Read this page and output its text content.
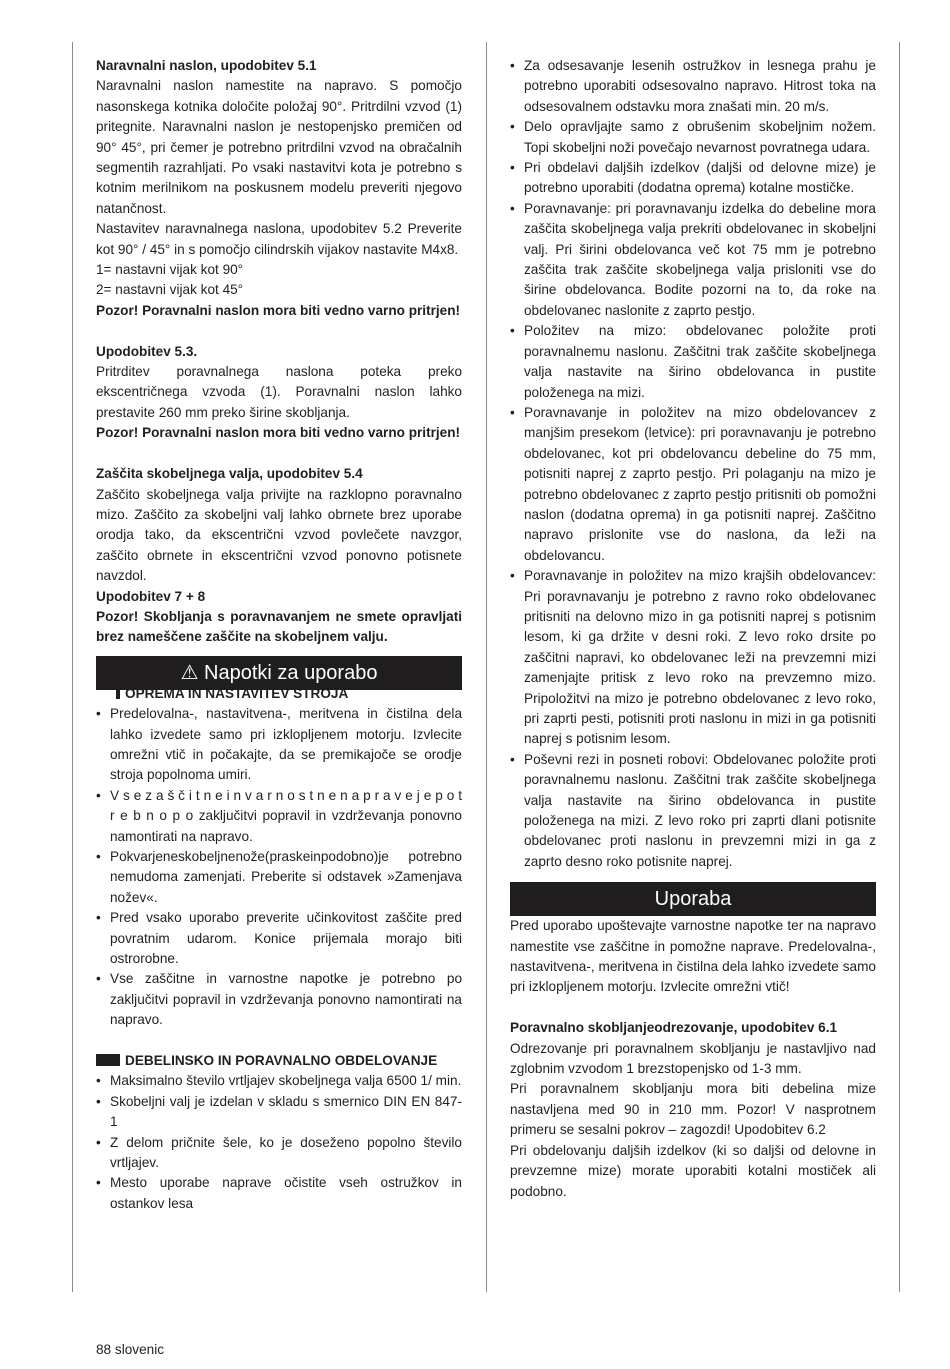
Naravnalni naslon, upodobitev 5.1

Naravnalni naslon namestite na napravo. S pomočjo nasonskega kotnika določite položaj 90°. Pritrdilni vzvod (1) pritegnite. Naravnalni naslon je nestopenjsko premičen od 90° 45°, pri čemer je potrebno pritrdilni vzvod na obračalnih segmentih razrahljati. Po vsaki nastavitvi kota je potrebno s kotnim merilnikom na poskusnem modelu preveriti njegovo natančnost.

Nastavitev naravnalnega naslona, upodobitev 5.2 Preverite kot 90° / 45° in s pomočjo cilindrskih vijakov nastavite M4x8.

1= nastavni vijak kot 90°

2= nastavni vijak kot 45°

Pozor! Poravnalni naslon mora biti vedno varno pritrjen!

Upodobitev 5.3.

Pritrditev poravnalnega naslona poteka preko ekscentričnega vzvoda (1). Poravnalni naslon lahko prestavite 260 mm preko širine skobljanja.

Pozor! Poravnalni naslon mora biti vedno varno pritrjen!

Zaščita skobeljnega valja, upodobitev 5.4

Zaščito skobeljnega valja privijte na razklopno poravnalno mizo. Zaščito za skobeljni valj lahko obrnete brez uporabe orodja tako, da ekscentrični vzvod povlečete navzgor, zaščito obrnete in ekscentrični vzvod ponovno potisnete navzdol.

Upodobitev 7 + 8

Pozor! Skobljanja s poravnavanjem ne smete opravljati brez nameščene zaščite na skobeljnem valju.

⚠ Napotki za uporabo

OPREMA IN NASTAVITEV STROJA

• Predelovalna-, nastavitvena-, meritvena in čistilna dela lahko izvedete samo pri izklopljenem motorju. Izvlecite omrežni vtič in počakajte, da se premikajoče se orodje stroja popolnoma umiri.
• V s e z a š č i t n e i n v a r n o s t n e n a p r a v e j e p o t r e b n o p o zaključitvi popravil in vzdrževanja ponovno namontirati na napravo.
• Pokvarjeneskobeljnenože(praskeinpodobno)je potrebno nemudoma zamenjati. Preberite si odstavek »Zamenjava nožev«.
• Pred vsako uporabo preverite učinkovitost zaščite pred povratnim udarom. Konice prijemala morajo biti ostrorobne.
• Vse zaščitne in varnostne napotke je potrebno po zaključitvi popravil in vzdrževanja ponovno namontirati na napravo.

DEBELINSKO IN PORAVNALNO OBDELOVANJE

• Maksimalno število vrtljajev skobeljnega valja 6500 1/ min.
• Skobeljni valj je izdelan v skladu s smernico DIN EN 847-1
• Z delom pričnite šele, ko je doseženo popolno število vrtljajev.
• Mesto uporabe naprave očistite vseh ostružkov in ostankov lesa
• Za odsesavanje lesenih ostružkov in lesnega prahu je potrebno uporabiti odsesovalno napravo. Hitrost toka na odsesovalnem odstavku mora znašati min. 20 m/s.
• Delo opravljajte samo z obrušenim skobeljnim nožem. Topi skobeljni noži povečajo nevarnost povratnega udara.
• Pri obdelavi daljših izdelkov (daljši od delovne mize) je potrebno uporabiti (dodatna oprema) kotalne mostičke.
• Poravnavanje: pri poravnavanju izdelka do debeline mora zaščita skobeljnega valja prekriti obdelovanec in skobeljni valj. Pri širini obdelovanca več kot 75 mm je potrebno zaščita trak zaščite skobeljnega valja prisloniti vse do širine obdelovanca. Bodite pozorni na to, da roke na obdelovanec naslonite z zaprto pestjo.
• Položitev na mizo: obdelovanec položite proti poravnalnemu naslonu. Zaščitni trak zaščite skobeljnega valja nastavite na širino obdelovanca in pustite položenega na mizi.
• Poravnavanje in položitev na mizo obdelovancev z manjšim presekom (letvice): pri poravnavanju je potrebno obdelovanec, kot pri obdelovancu debeline do 75 mm, potisniti naprej z zaprto pestjo. Pri polaganju na mizo je potrebno obdelovanec z zaprto pestjo pritisniti ob pomožni naslon (dodatna oprema) in ga potisniti naprej. Zaščitno napravo prislonite vse do naslona, da leži na obdelovancu.
• Poravnavanje in položitev na mizo krajših obdelovancev: Pri poravnavanju je potrebno z ravno roko obdelovanec pritisniti na delovno mizo in ga potisniti naprej s potisnim lesom, ki ga držite v desni roki. Z levo roko drsite po zaščitni napravi, ko obdelovanec leži na prevzemni mizi zamenjajte pritisk z levo roko na prevzemno mizo. Pripoložitvi na mizo je potrebno obdelovanec z levo roko, pri zaprti pesti, potisniti proti naslonu in mizi in ga potisniti naprej s potisnim lesom.
• Poševni rezi in posneti robovi: Obdelovanec položite proti poravnalnemu naslonu. Zaščitni trak zaščite skobeljnega valja nastavite na širino obdelovanca in pustite položenega na mizi. Z levo roko pri zaprti dlani potisnite obdelovanec proti naslonu in prevzemni mizi in ga z zaprto desno roko potisnite naprej.
Uporaba

Pred uporabo upoštevajte varnostne napotke ter na napravo namestite vse zaščitne in pomožne naprave. Predelovalna-, nastavitvena-, meritvena in čistilna dela lahko izvedete samo pri izklopljenem motorju. Izvlecite omrežni vtič!

Poravnalno skobljanjeodrezovanje, upodobitev 6.1

Odrezovanje pri poravnalnem skobljanju je nastavljivo nad zglobnim vzvodom 1 brezstopenjsko od 1-3 mm.

Pri poravnalnem skobljanju mora biti debelina mize nastavljena med 90 in 210 mm. Pozor! V nasprotnem primeru se sesalni pokrov – zagozdi! Upodobitev 6.2

Pri obdelovanju daljših izdelkov (ki so daljši od delovne in prevzemne mize) morate uporabiti kotalni mostiček ali podobno.

88 slovenic
